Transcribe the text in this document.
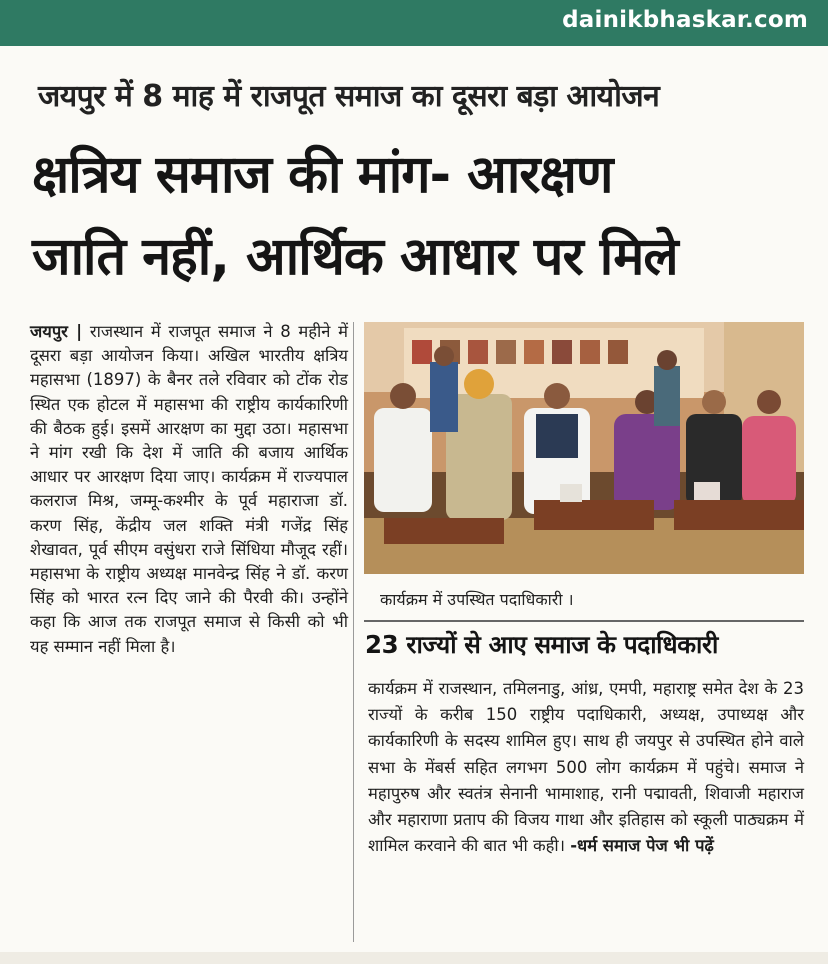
dainikbhaskar.com
जयपुर में 8 माह में राजपूत समाज का दूसरा बड़ा आयोजन
क्षत्रिय समाज की मांग- आरक्षण
जाति नहीं, आर्थिक आधार पर मिले
जयपुर | राजस्थान में राजपूत समाज ने 8 महीने में दूसरा बड़ा आयोजन किया। अखिल भारतीय क्षत्रिय महासभा (1897) के बैनर तले रविवार को टोंक रोड स्थित एक होटल में महासभा की राष्ट्रीय कार्यकारिणी की बैठक हुई। इसमें आरक्षण का मुद्दा उठा। महासभा ने मांग रखी कि देश में जाति की बजाय आर्थिक आधार पर आरक्षण दिया जाए। कार्यक्रम में राज्यपाल कलराज मिश्र, जम्मू-कश्मीर के पूर्व महाराजा डॉ. करण सिंह, केंद्रीय जल शक्ति मंत्री गजेंद्र सिंह शेखावत, पूर्व सीएम वसुंधरा राजे सिंधिया मौजूद रहीं। महासभा के राष्ट्रीय अध्यक्ष मानवेन्द्र सिंह ने डॉ. करण सिंह को भारत रत्न दिए जाने की पैरवी की। उन्होंने कहा कि आज तक राजपूत समाज से किसी को भी यह सम्मान नहीं मिला है।
कार्यक्रम में उपस्थित पदाधिकारी ।
23 राज्यों से आए समाज के पदाधिकारी
कार्यक्रम में राजस्थान, तमिलनाडु, आंध्र, एमपी, महाराष्ट्र समेत देश के 23 राज्यों के करीब 150 राष्ट्रीय पदाधिकारी, अध्यक्ष, उपाध्यक्ष और कार्यकारिणी के सदस्य शामिल हुए। साथ ही जयपुर से उपस्थित होने वाले सभा के मेंबर्स सहित लगभग 500 लोग कार्यक्रम में पहुंचे। समाज ने महापुरुष और स्वतंत्र सेनानी भामाशाह, रानी पद्मावती, शिवाजी महाराज और महाराणा प्रताप की विजय गाथा और इतिहास को स्कूली पाठ्यक्रम में शामिल करवाने की बात भी कही। -धर्म समाज पेज भी पढ़ें
